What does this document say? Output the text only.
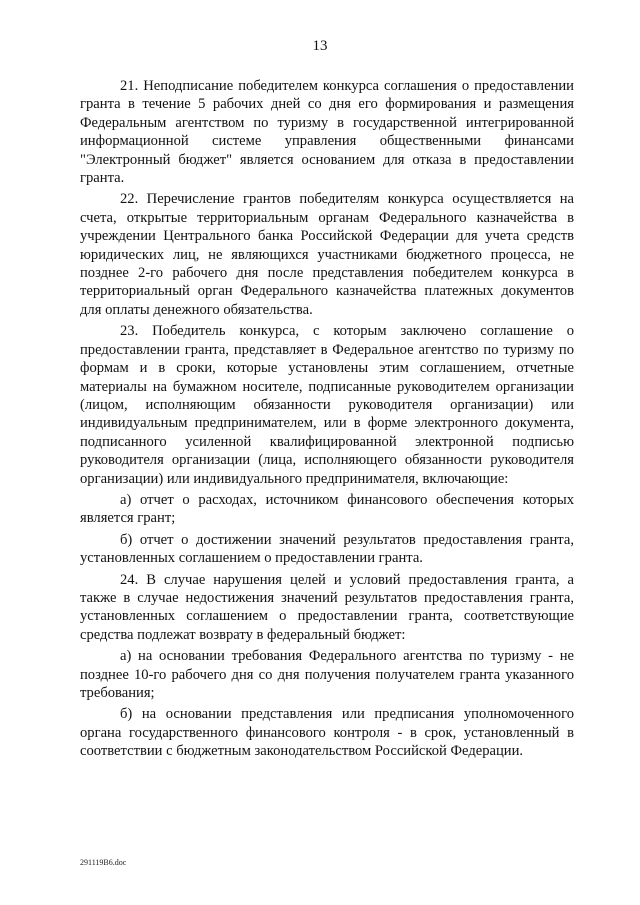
13

21. Неподписание победителем конкурса соглашения о предоставлении гранта в течение 5 рабочих дней со дня его формирования и размещения Федеральным агентством по туризму в государственной интегрированной информационной системе управления общественными финансами "Электронный бюджет" является основанием для отказа в предоставлении гранта.

22. Перечисление грантов победителям конкурса осуществляется на счета, открытые территориальным органам Федерального казначейства в учреждении Центрального банка Российской Федерации для учета средств юридических лиц, не являющихся участниками бюджетного процесса, не позднее 2-го рабочего дня после представления победителем конкурса в территориальный орган Федерального казначейства платежных документов для оплаты денежного обязательства.

23. Победитель конкурса, с которым заключено соглашение о предоставлении гранта, представляет в Федеральное агентство по туризму по формам и в сроки, которые установлены этим соглашением, отчетные материалы на бумажном носителе, подписанные руководителем организации (лицом, исполняющим обязанности руководителя организации) или индивидуальным предпринимателем, или в форме электронного документа, подписанного усиленной квалифицированной электронной подписью руководителя организации (лица, исполняющего обязанности руководителя организации) или индивидуального предпринимателя, включающие:

а) отчет о расходах, источником финансового обеспечения которых является грант;

б) отчет о достижении значений результатов предоставления гранта, установленных соглашением о предоставлении гранта.

24. В случае нарушения целей и условий предоставления гранта, а также в случае недостижения значений результатов предоставления гранта, установленных соглашением о предоставлении гранта, соответствующие средства подлежат возврату в федеральный бюджет:

а) на основании требования Федерального агентства по туризму - не позднее 10-го рабочего дня со дня получения получателем гранта указанного требования;

б) на основании представления или предписания уполномоченного органа государственного финансового контроля - в срок, установленный в соответствии с бюджетным законодательством Российской Федерации.

291119B6.doc
